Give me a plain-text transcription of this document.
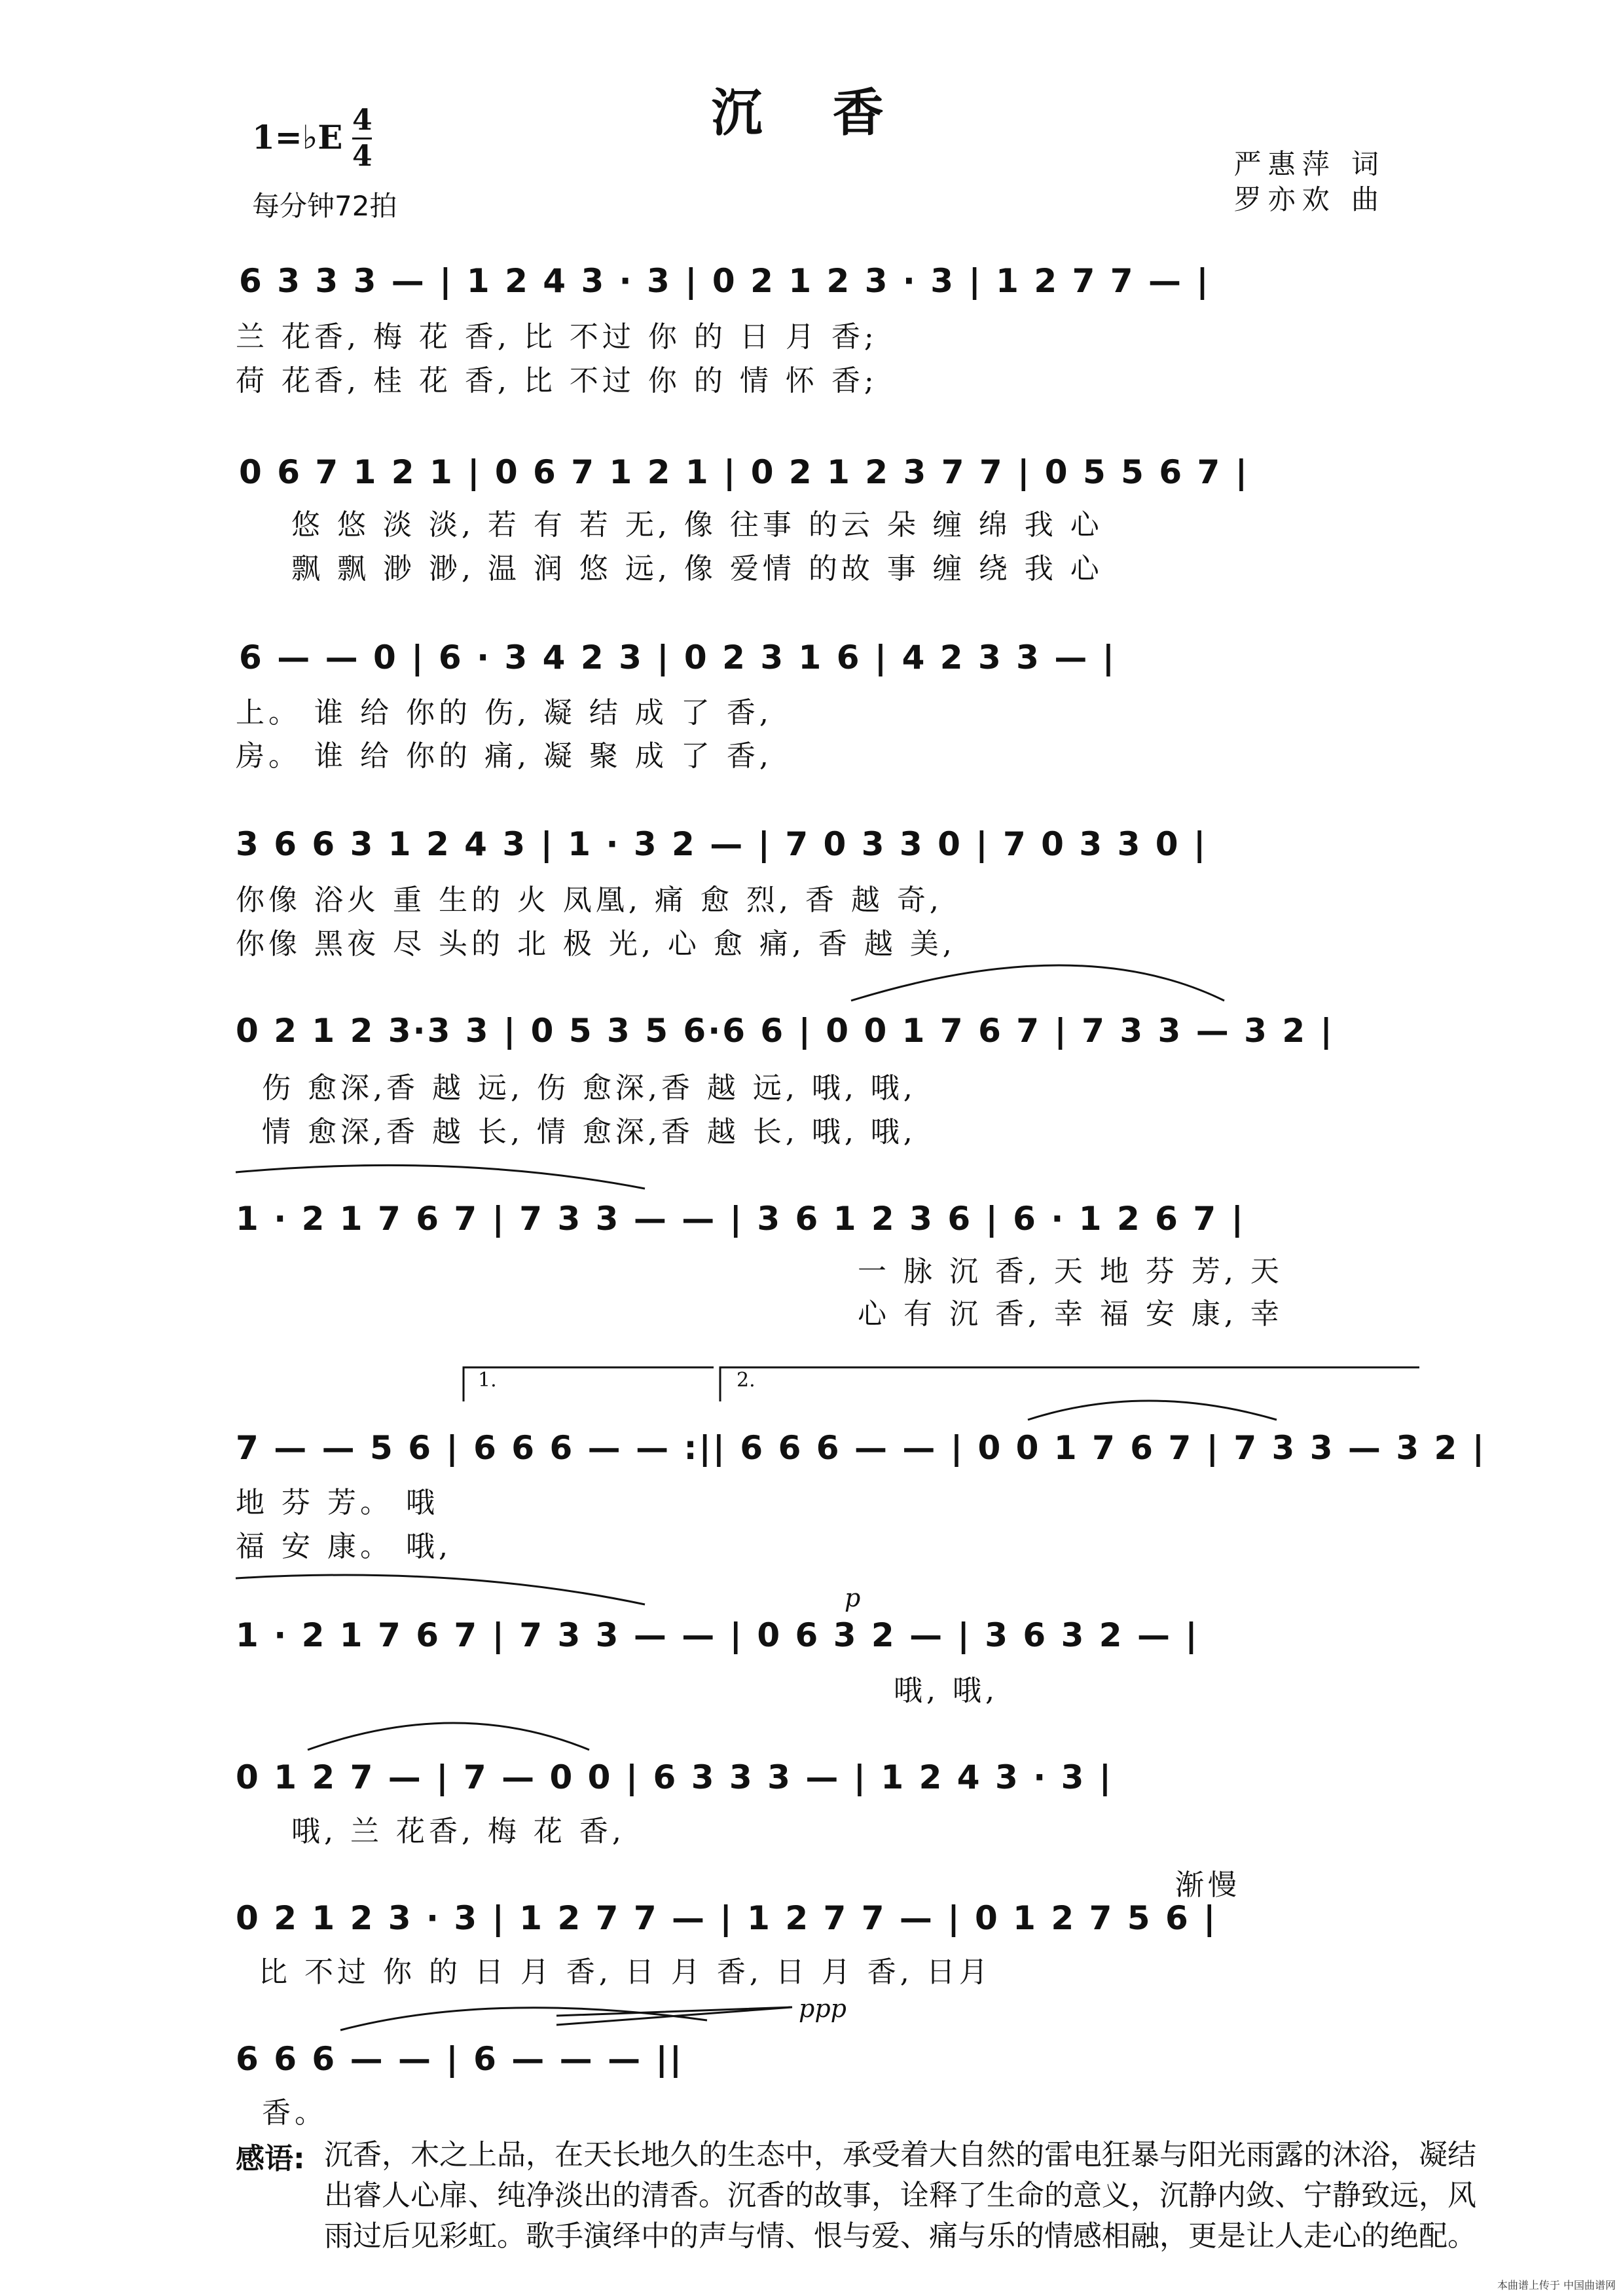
沉 香
1=♭E 4
4
每分钟72拍
严惠萍 词
罗亦欢 曲
6 3 3 3 — | 1 2 4 3 · 3 | 0 2 1 2 3 · 3 | 1 2 7 7 — |
兰 花香, 梅 花 香, 比 不过 你 的 日 月 香;
荷 花香, 桂 花 香, 比 不过 你 的 情 怀 香;
0 6 7 1 2 1 | 0 6 7 1 2 1 | 0 2 1 2 3 7 7 | 0 5 5 6 7 |
悠 悠 淡 淡, 若 有 若 无, 像 往事 的云 朵 缠 绵 我 心
飘 飘 渺 渺, 温 润 悠 远, 像 爱情 的故 事 缠 绕 我 心
6 — — 0 | 6 · 3 4 2 3 | 0 2 3 1 6 | 4 2 3 3 — |
上。 谁 给 你的 伤, 凝 结 成 了 香,
房。 谁 给 你的 痛, 凝 聚 成 了 香,
3 6 6 3 1 2 4 3 | 1 · 3 2 — | 7 0 3 3 0 | 7 0 3 3 0 |
你像 浴火 重 生的 火 凤凰, 痛 愈 烈, 香 越 奇,
你像 黑夜 尽 头的 北 极 光, 心 愈 痛, 香 越 美,
0 2 1 2 3·3 3 | 0 5 3 5 6·6 6 | 0 0 1 7 6 7 | 7 3 3 — 3 2 |
伤 愈深,香 越 远, 伤 愈深,香 越 远, 哦, 哦,
情 愈深,香 越 长, 情 愈深,香 越 长, 哦, 哦,
1 · 2 1 7 6 7 | 7 3 3 — — | 3 6 1 2 3 6 | 6 · 1 2 6 7 |
一 脉 沉 香, 天 地 芬 芳, 天
心 有 沉 香, 幸 福 安 康, 幸
1.	2.
7 — — 5 6 | 6 6 6 — — :|| 6 6 6 — — | 0 0 1 7 6 7 | 7 3 3 — 3 2 |
地 芬 芳。 哦
福 安 康。 哦,
p
1 · 2 1 7 6 7 | 7 3 3 — — | 0 6 3 2 — | 3 6 3 2 — |
哦, 哦,
0 1 2 7 — | 7 — 0 0 | 6 3 3 3 — | 1 2 4 3 · 3 |
哦, 兰 花香, 梅 花 香,
渐慢
0 2 1 2 3 · 3 | 1 2 7 7 — | 1 2 7 7 — | 0 1 2 7 5 6 |
比 不过 你 的 日 月 香, 日 月 香, 日 月 香, 日月
ppp
6 6 6 — — | 6 — — — ||
香。
感语: 沉香，木之上品，在天长地久的生态中，承受着大自然的雷电狂暴与阳光雨露的沐浴，凝结出睿人心扉、纯净淡出的清香。沉香的故事，诠释了生命的意义，沉静内敛、宁静致远，风雨过后见彩虹。歌手演绎中的声与情、恨与爱、痛与乐的情感相融，更是让人走心的绝配。
本曲谱上传于 中国曲谱网
